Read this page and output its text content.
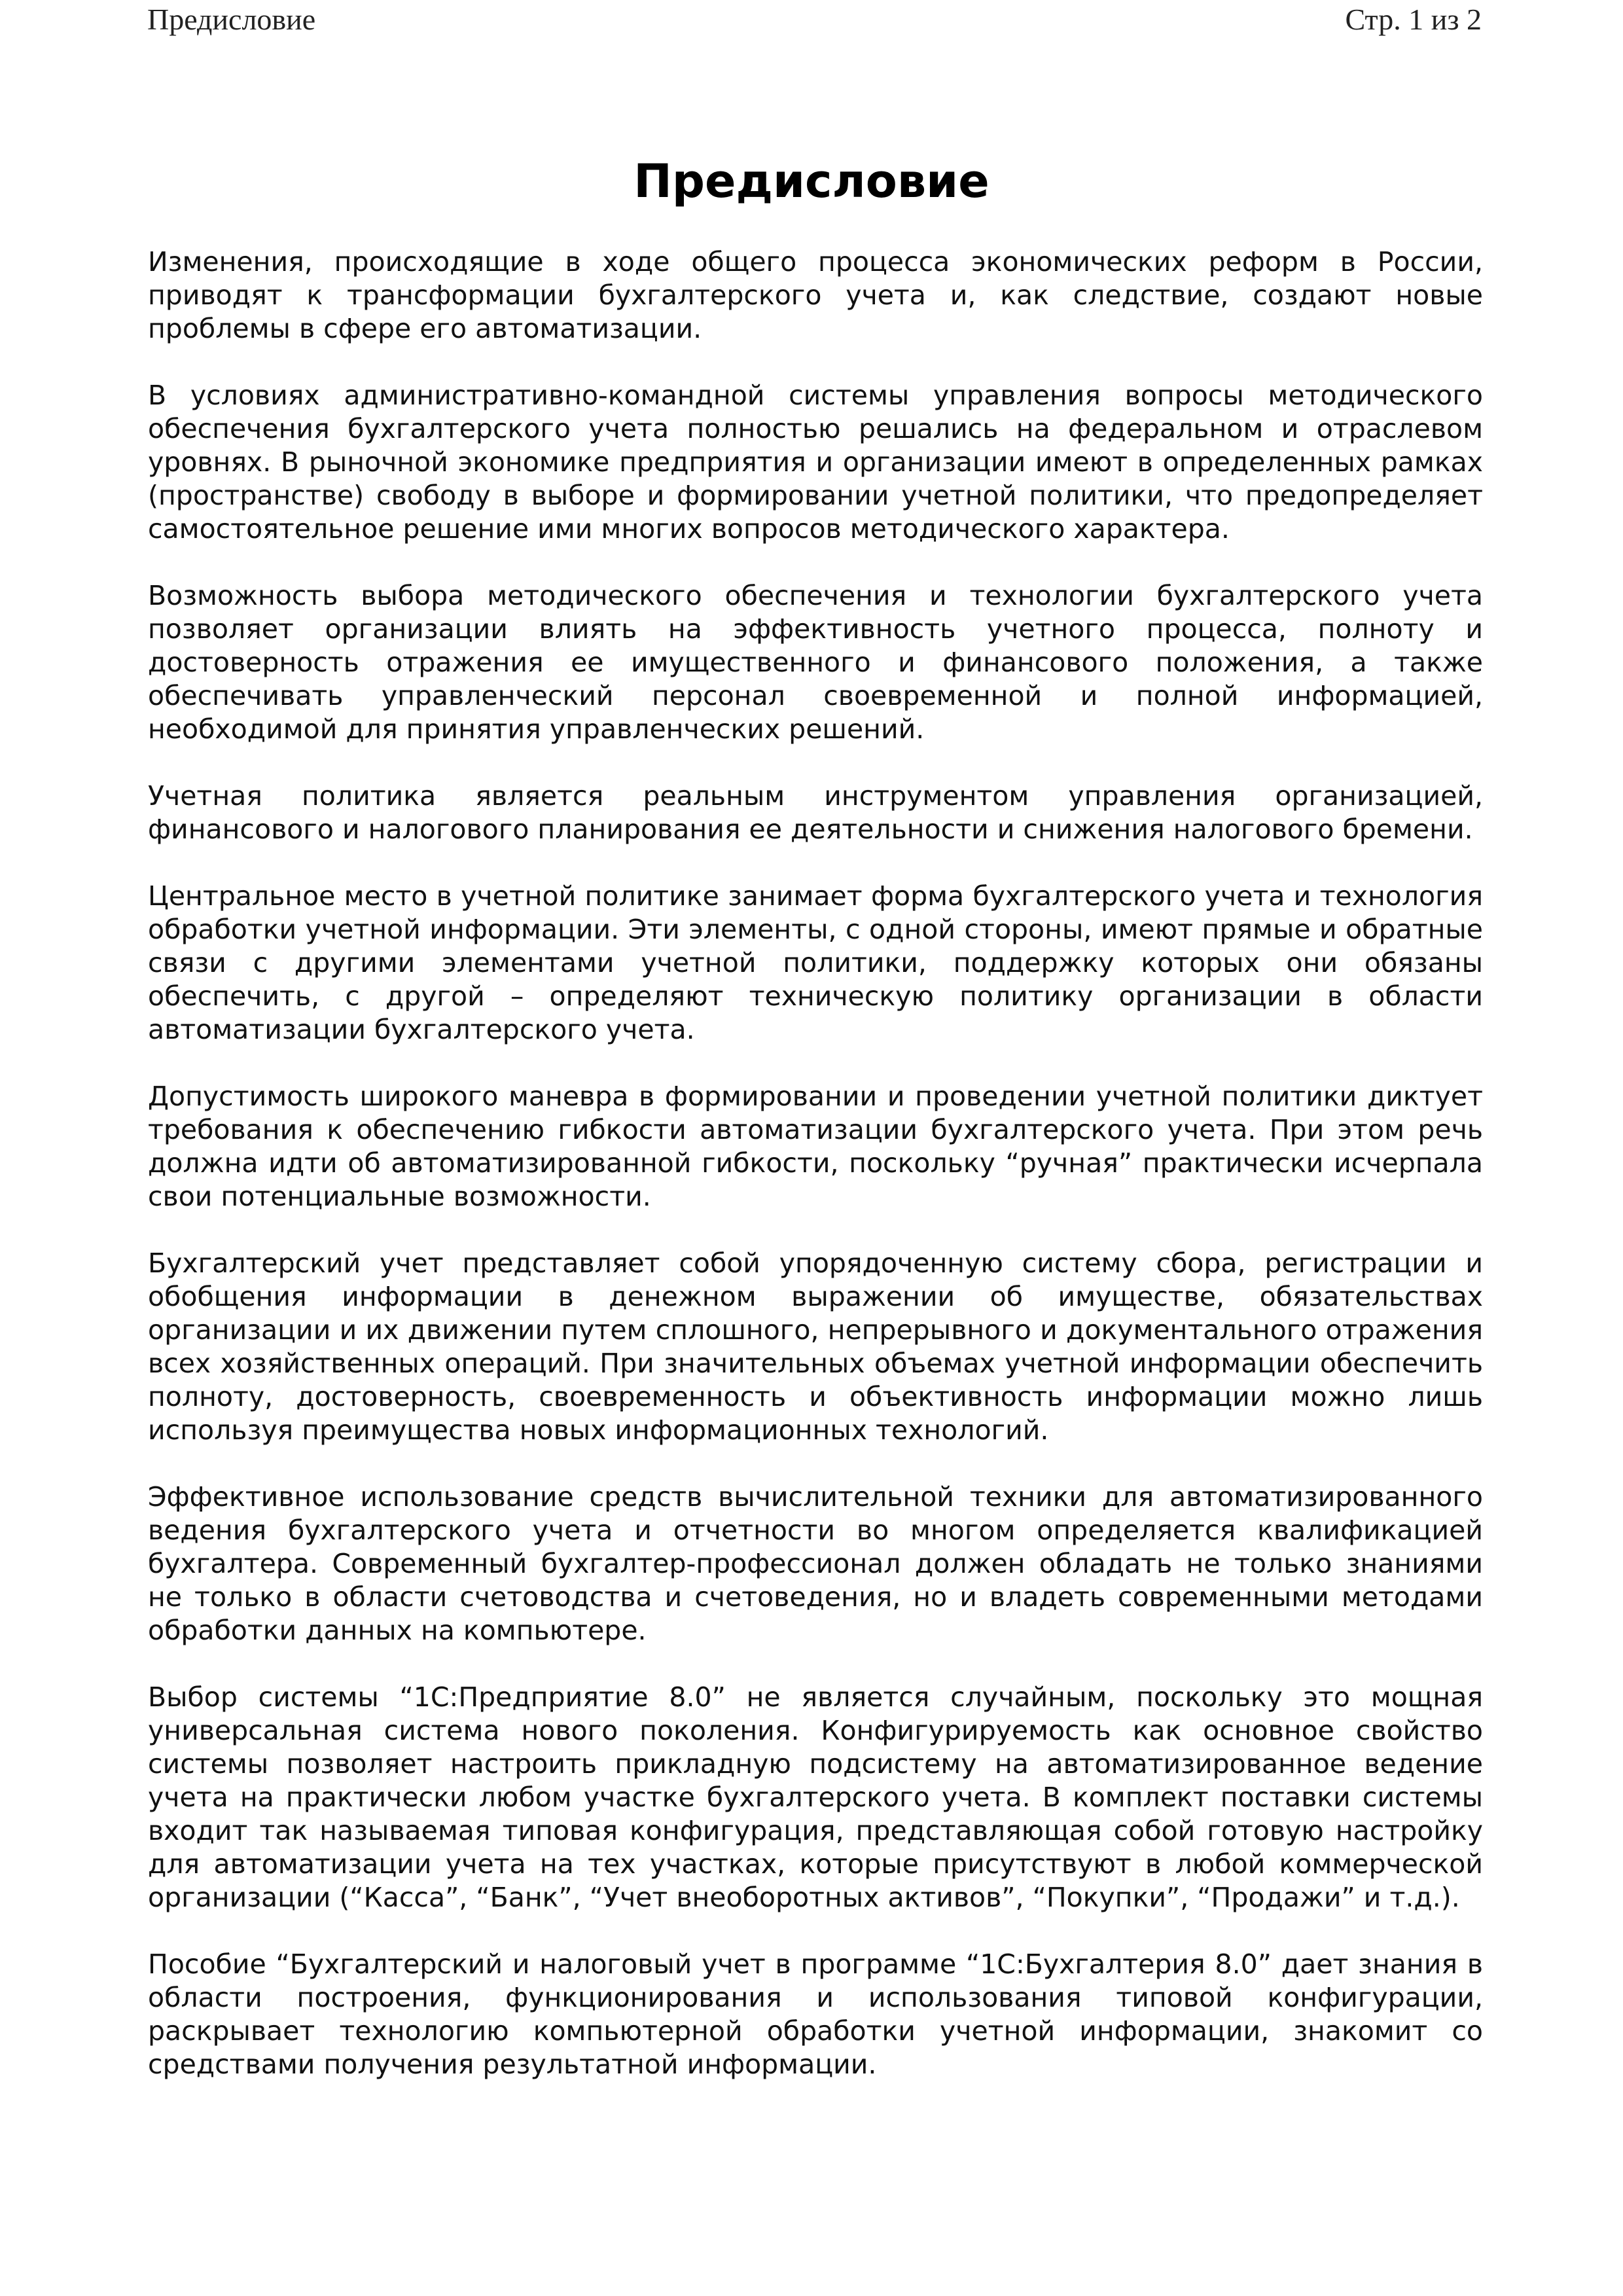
Предисловие	Стр. 1 из 2
Предисловие

Изменения, происходящие в ходе общего процесса экономических реформ в России, приводят к трансформации бухгалтерского учета и, как следствие, создают новые проблемы в сфере его автоматизации.

В условиях административно-командной системы управления вопросы методического обеспечения бухгалтерского учета полностью решались на федеральном и отраслевом уровнях. В рыночной экономике предприятия и организации имеют в определенных рамках (пространстве) свободу в выборе и формировании учетной политики, что предопределяет самостоятельное решение ими многих вопросов методического характера.

Возможность выбора методического обеспечения и технологии бухгалтерского учета позволяет организации влиять на эффективность учетного процесса, полноту и достоверность отражения ее имущественного и финансового положения, а также обеспечивать управленческий персонал своевременной и полной информацией, необходимой для принятия управленческих решений.

Учетная политика является реальным инструментом управления организацией, финансового и налогового планирования ее деятельности и снижения налогового бремени.

Центральное место в учетной политике занимает форма бухгалтерского учета и технология обработки учетной информации. Эти элементы, с одной стороны, имеют прямые и обратные связи с другими элементами учетной политики, поддержку которых они обязаны обеспечить, с другой – определяют техническую политику организации в области автоматизации бухгалтерского учета.

Допустимость широкого маневра в формировании и проведении учетной политики диктует требования к обеспечению гибкости автоматизации бухгалтерского учета. При этом речь должна идти об автоматизированной гибкости, поскольку “ручная” практически исчерпала свои потенциальные возможности.

Бухгалтерский учет представляет собой упорядоченную систему сбора, регистрации и обобщения информации в денежном выражении об имуществе, обязательствах организации и их движении путем сплошного, непрерывного и документального отражения всех хозяйственных операций. При значительных объемах учетной информации обеспечить полноту, достоверность, своевременность и объективность информации можно лишь используя преимущества новых информационных технологий.

Эффективное использование средств вычислительной техники для автоматизированного ведения бухгалтерского учета и отчетности во многом определяется квалификацией бухгалтера. Современный бухгалтер-профессионал должен обладать не только знаниями не только в области счетоводства и счетоведения, но и владеть современными методами обработки данных на компьютере.

Выбор системы “1С:Предприятие 8.0” не является случайным, поскольку это мощная универсальная система нового поколения. Конфигурируемость как основное свойство системы позволяет настроить прикладную подсистему на автоматизированное ведение учета на практически любом участке бухгалтерского учета. В комплект поставки системы входит так называемая типовая конфигурация, представляющая собой готовую настройку для автоматизации учета на тех участках, которые присутствуют в любой коммерческой организации (“Касса”, “Банк”, “Учет внеоборотных активов”, “Покупки”, “Продажи” и т.д.).

Пособие “Бухгалтерский и налоговый учет в программе “1С:Бухгалтерия 8.0” дает знания в области построения, функционирования и использования типовой конфигурации, раскрывает технологию компьютерной обработки учетной информации, знакомит со средствами получения результатной информации.
